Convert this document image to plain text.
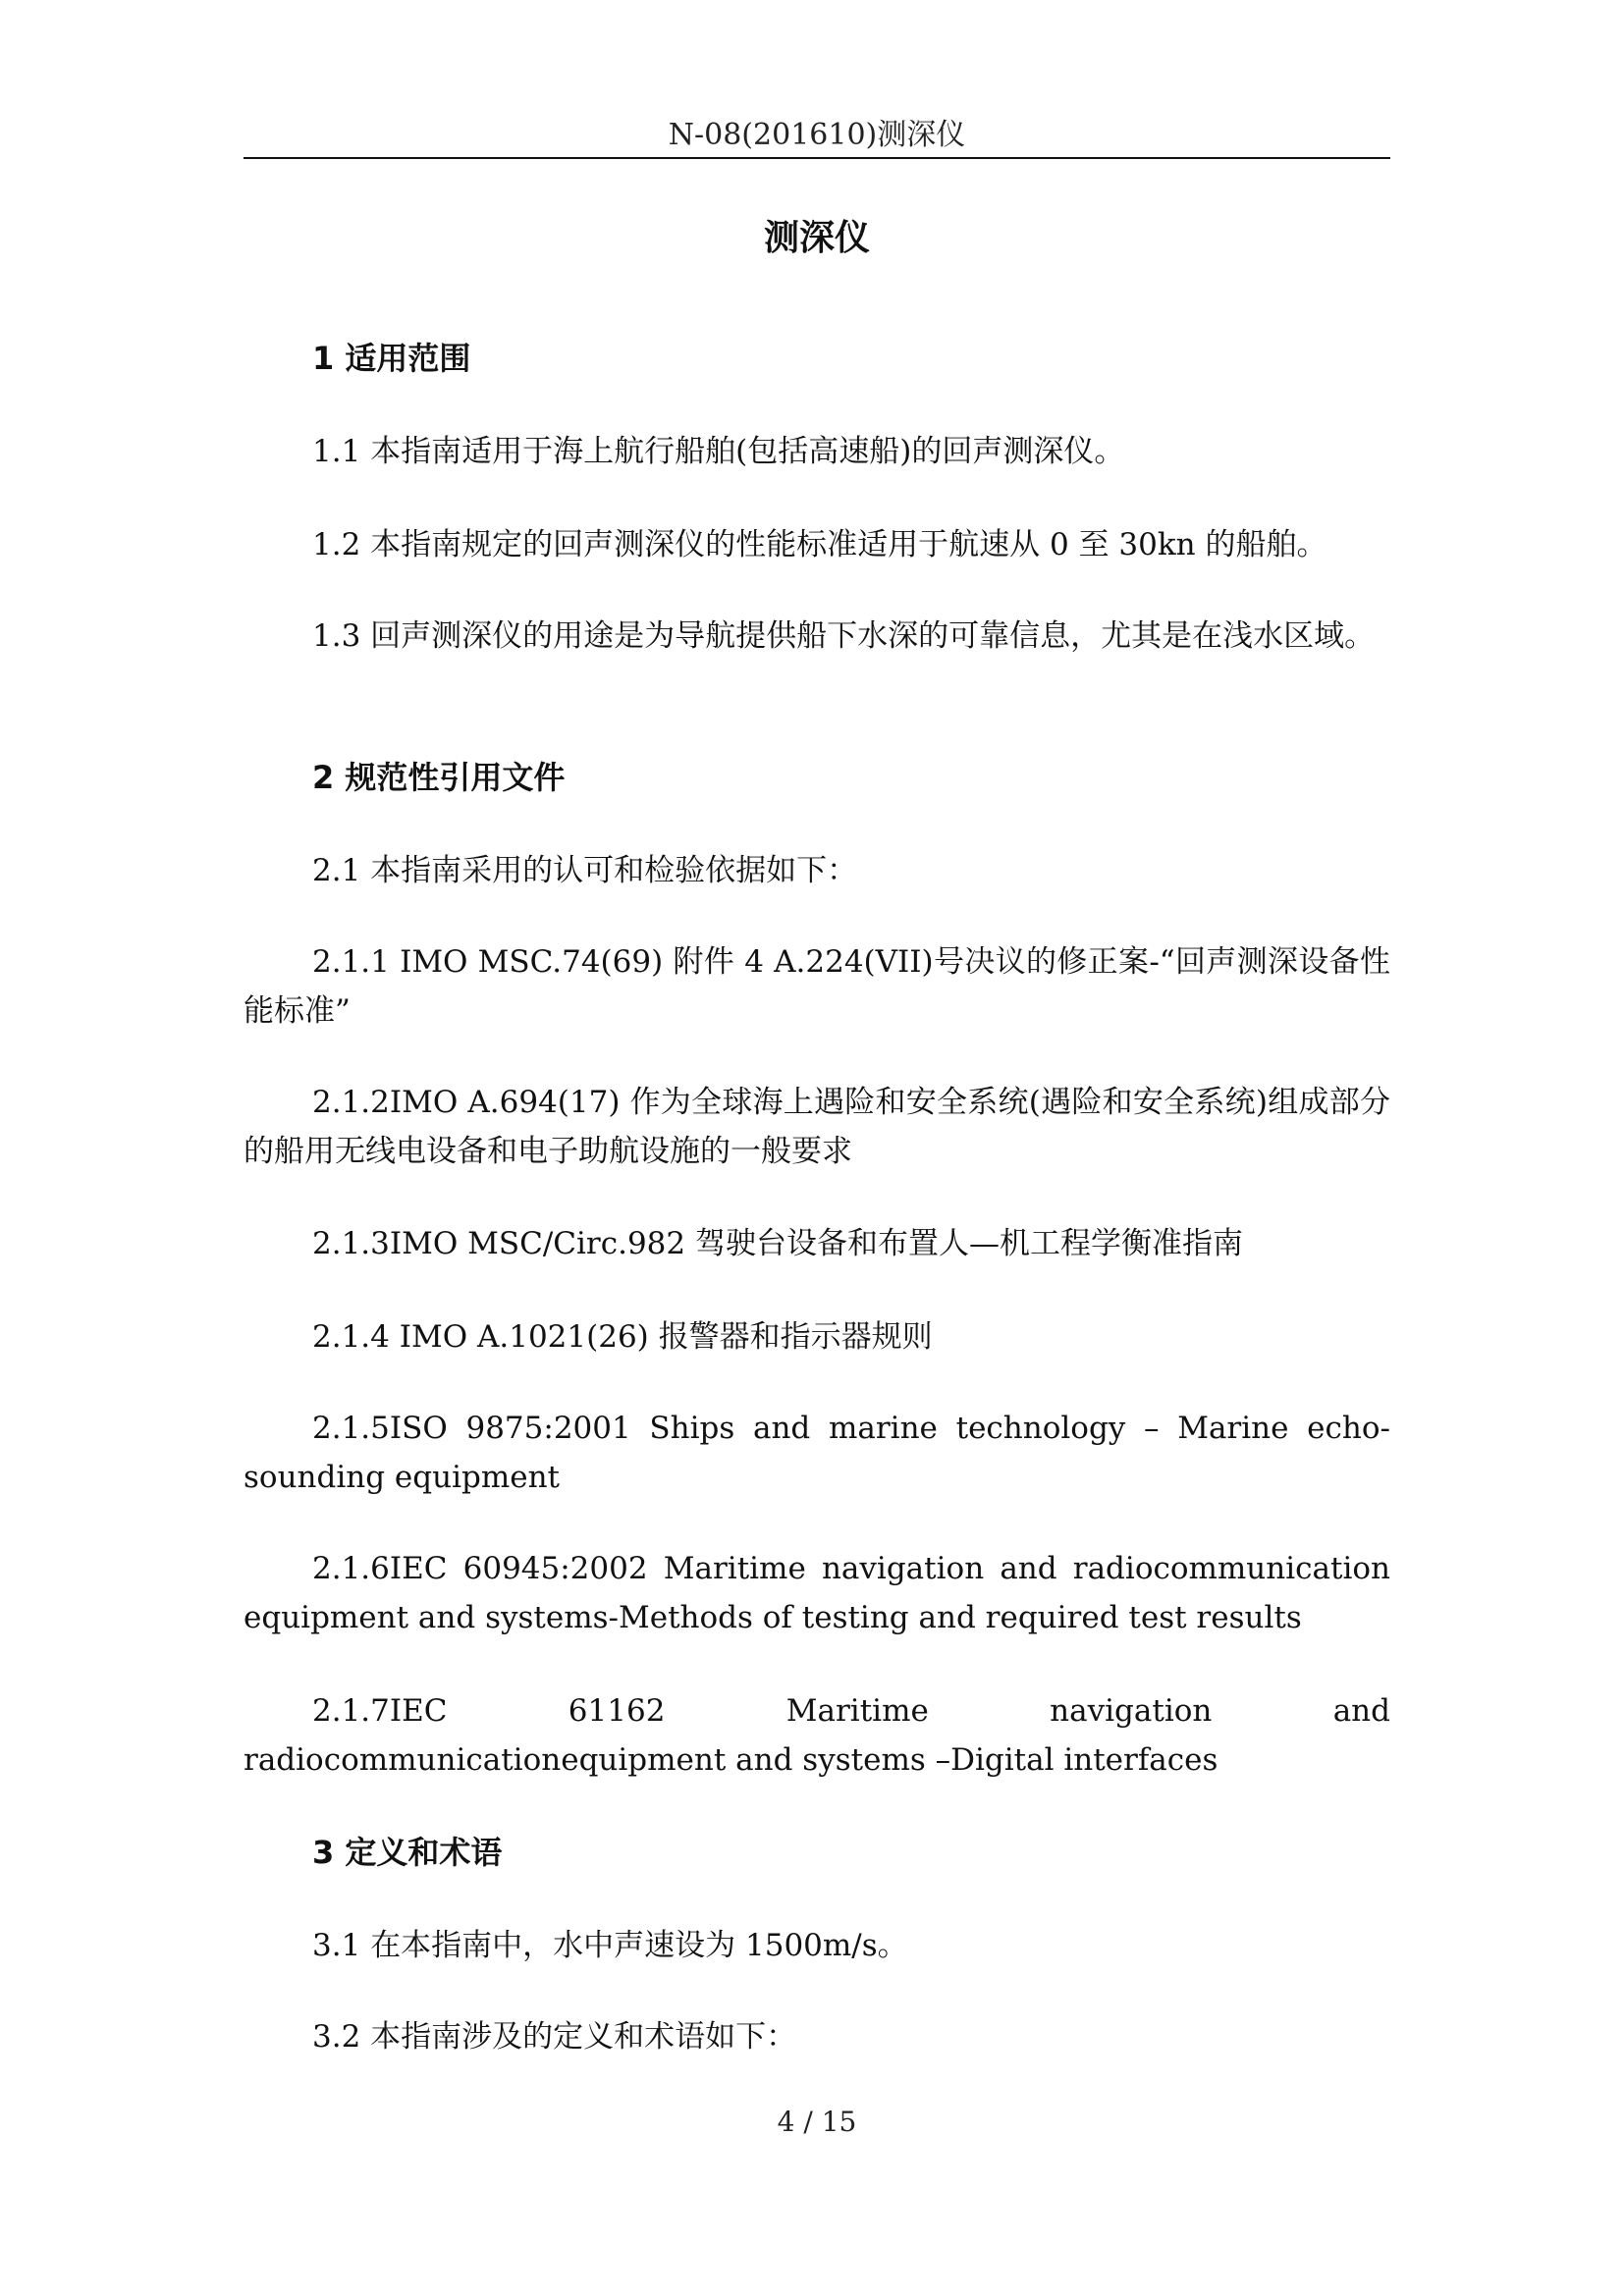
N-08(201610)测深仪
测深仪
1 适用范围

1.1 本指南适用于海上航行船舶(包括高速船)的回声测深仪。

1.2 本指南规定的回声测深仪的性能标准适用于航速从 0 至 30kn 的船舶。

1.3 回声测深仪的用途是为导航提供船下水深的可靠信息，尤其是在浅水区域。

2 规范性引用文件

2.1 本指南采用的认可和检验依据如下：

2.1.1 IMO MSC.74(69) 附件 4 A.224(VII)号决议的修正案-“回声测深设备性能标准”

2.1.2IMO A.694(17) 作为全球海上遇险和安全系统(遇险和安全系统)组成部分的船用无线电设备和电子助航设施的一般要求

2.1.3IMO MSC/Circ.982 驾驶台设备和布置人—机工程学衡准指南

2.1.4 IMO A.1021(26) 报警器和指示器规则

2.1.5ISO 9875:2001 Ships and marine technology – Marine echo-sounding equipment

2.1.6IEC 60945:2002 Maritime navigation and radiocommunication equipment and systems-Methods of testing and required test results

2.1.7IEC 61162 Maritime navigation and radiocommunicationequipment and systems –Digital interfaces

3 定义和术语

3.1 在本指南中，水中声速设为 1500m/s。

3.2 本指南涉及的定义和术语如下：

4 / 15
